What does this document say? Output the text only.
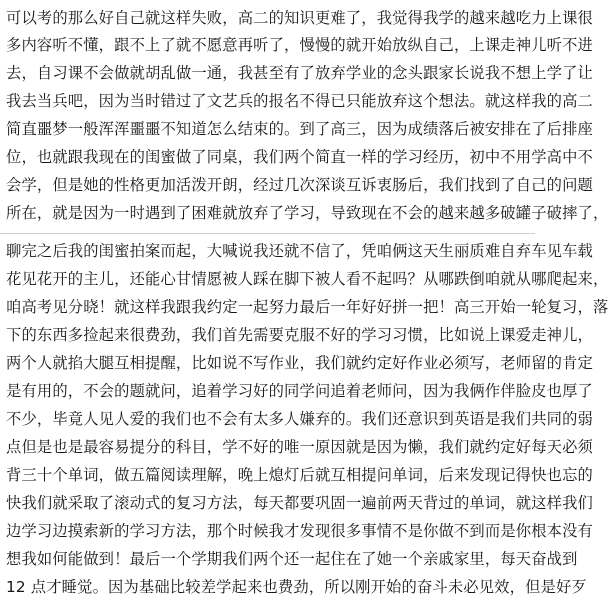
可以考的那么好自己就这样失败，高二的知识更难了，我觉得我学的越来越吃力上课很
多内容听不懂，跟不上了就不愿意再听了，慢慢的就开始放纵自己，上课走神儿听不进
去，自习课不会做就胡乱做一通，我甚至有了放弃学业的念头跟家长说我不想上学了让
我去当兵吧，因为当时错过了文艺兵的报名不得已只能放弃这个想法。就这样我的高二
简直噩梦一般浑浑噩噩不知道怎么结束的。到了高三，因为成绩落后被安排在了后排座
位，也就跟我现在的闺蜜做了同桌，我们两个简直一样的学习经历，初中不用学高中不
会学，但是她的性格更加活泼开朗，经过几次深谈互诉衷肠后，我们找到了自己的问题
所在，就是因为一时遇到了困难就放弃了学习，导致现在不会的越来越多破罐子破摔了，
聊完之后我的闺蜜拍案而起，大喊说我还就不信了，凭咱俩这天生丽质难自弃车见车载
花见花开的主儿，还能心甘情愿被人踩在脚下被人看不起吗？从哪跌倒咱就从哪爬起来，
咱高考见分晓！就这样我跟我约定一起努力最后一年好好拼一把！高三开始一轮复习，落
下的东西多捡起来很费劲，我们首先需要克服不好的学习习惯，比如说上课爱走神儿，
两个人就掐大腿互相提醒，比如说不写作业，我们就约定好作业必须写，老师留的肯定
是有用的，不会的题就问，追着学习好的同学问追着老师问，因为我俩作伴脸皮也厚了
不少，毕竟人见人爱的我们也不会有太多人嫌弃的。我们还意识到英语是我们共同的弱
点但是也是最容易提分的科目，学不好的唯一原因就是因为懒，我们就约定好每天必须
背三十个单词，做五篇阅读理解，晚上熄灯后就互相提问单词，后来发现记得快也忘的
快我们就采取了滚动式的复习方法，每天都要巩固一遍前两天背过的单词，就这样我们
边学习边摸索新的学习方法，那个时候我才发现很多事情不是你做不到而是你根本没有
想我如何能做到！最后一个学期我们两个还一起住在了她一个亲戚家里，每天奋战到
12 点才睡觉。因为基础比较差学起来也费劲，所以刚开始的奋斗未必见效，但是好歹
